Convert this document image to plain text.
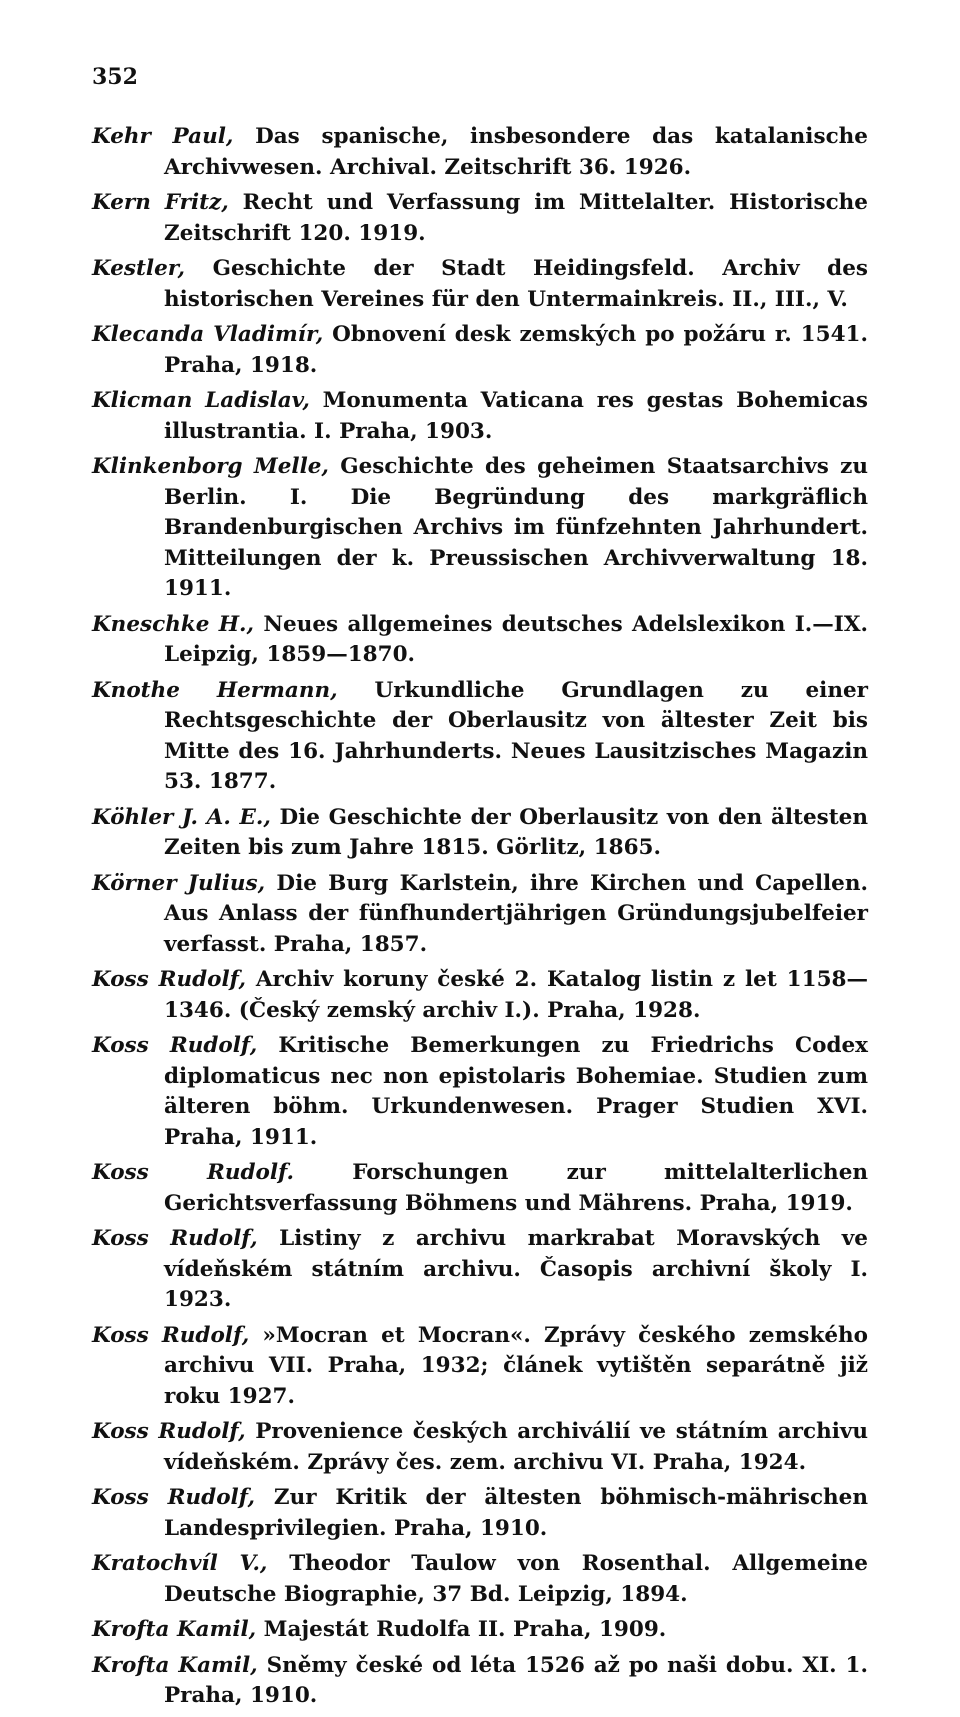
352

Kehr Paul, Das spanische, insbesondere das katalanische Archivwesen. Archival. Zeitschrift 36. 1926.

Kern Fritz, Recht und Verfassung im Mittelalter. Historische Zeitschrift 120. 1919.

Kestler, Geschichte der Stadt Heidingsfeld. Archiv des historischen Vereines für den Untermainkreis. II., III., V.

Klecanda Vladimír, Obnovení desk zemských po požáru r. 1541. Praha, 1918.

Klicman Ladislav, Monumenta Vaticana res gestas Bohemicas illustrantia. I. Praha, 1903.

Klinkenborg Melle, Geschichte des geheimen Staatsarchivs zu Berlin. I. Die Begründung des markgräflich Brandenburgischen Archivs im fünfzehnten Jahrhundert. Mitteilungen der k. Preussischen Archivverwaltung 18. 1911.

Kneschke H., Neues allgemeines deutsches Adelslexikon I.—IX. Leipzig, 1859—1870.

Knothe Hermann, Urkundliche Grundlagen zu einer Rechtsgeschichte der Oberlausitz von ältester Zeit bis Mitte des 16. Jahrhunderts. Neues Lausitzisches Magazin 53. 1877.

Köhler J. A. E., Die Geschichte der Oberlausitz von den ältesten Zeiten bis zum Jahre 1815. Görlitz, 1865.

Körner Julius, Die Burg Karlstein, ihre Kirchen und Capellen. Aus Anlass der fünfhundertjährigen Gründungsjubelfeier verfasst. Praha, 1857.

Koss Rudolf, Archiv koruny české 2. Katalog listin z let 1158—1346. (Český zemský archiv I.). Praha, 1928.

Koss Rudolf, Kritische Bemerkungen zu Friedrichs Codex diplomaticus nec non epistolaris Bohemiae. Studien zum älteren böhm. Urkundenwesen. Prager Studien XVI. Praha, 1911.

Koss Rudolf.	Forschungen zur mittelalterlichen Gerichtsverfassung Böhmens und Mährens. Praha, 1919.

Koss Rudolf, Listiny z archivu markrabat Moravských ve vídeňském státním archivu. Časopis archivní školy I. 1923.

Koss Rudolf, »Mocran et Mocran«. Zprávy českého zemského archivu VII. Praha, 1932; článek vytištěn separátně již roku 1927.

Koss Rudolf, Provenience českých archiválií ve státním archivu vídeňském. Zprávy čes. zem. archivu VI. Praha, 1924.

Koss Rudolf, Zur Kritik der ältesten böhmisch-mährischen Landesprivilegien. Praha, 1910.

Kratochvíl V., Theodor Taulow von Rosenthal. Allgemeine Deutsche Biographie, 37 Bd. Leipzig, 1894.

Krofta Kamil, Majestát Rudolfa II. Praha, 1909.

Krofta Kamil, Sněmy české od léta 1526 až po naši dobu. XI. 1. Praha, 1910.
